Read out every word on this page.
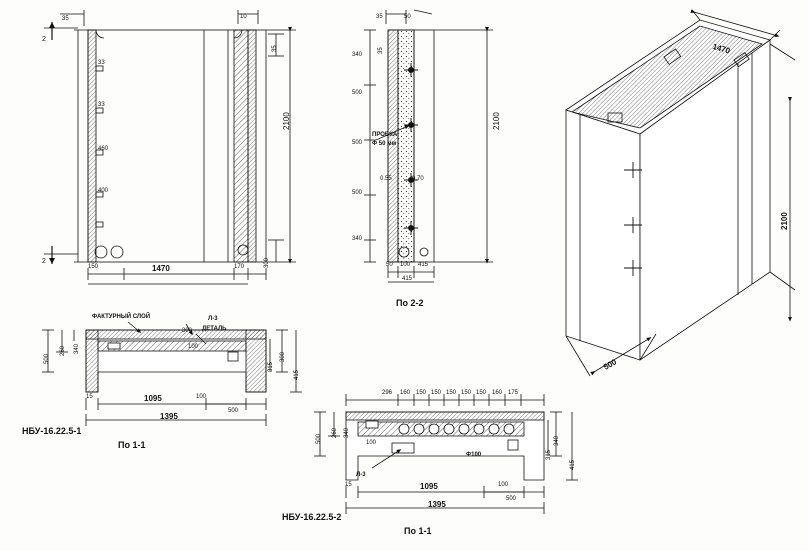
2
2
35	10
35
33
33
460
400
2100
150	1470	170	300
35
35	50
340
500
500
500
340
ПРОБКА
Ф 50 мм
0.55	0.70
50 100 415
415
2100
По 2-2
1470
2100
500
ФАКТУРНЫЙ СЛОЙ	Л-3
ДЕТАЛЬ
300
100
500
260 340
300
415
315
15	1095	100
500
1395
НБУ-16.22.5-1
По 1-1
296 160 150 150 150 150 150 160 175
500
260 340
100
Ф100
Л-3
340
415
315
15	1095	100
500
1395
НБУ-16.22.5-2
По 1-1
